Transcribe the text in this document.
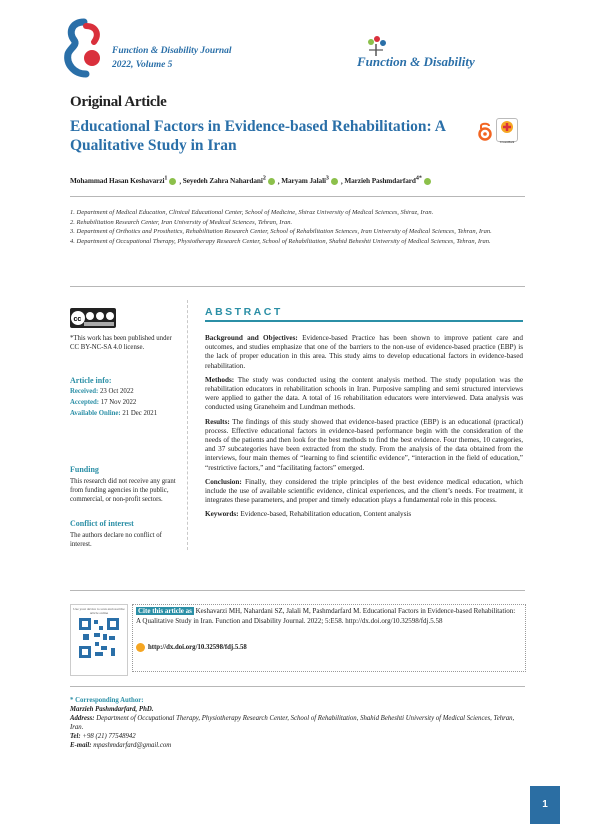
Function & Disability Journal
2022, Volume 5	Function & Disability
Original Article
Educational Factors in Evidence-based Rehabilitation: A Qualitative Study in Iran	CrossMark
Mohammad Hasan Keshavarzi$^1$ , Seyedeh Zahra Nahardani$^2$ , Maryam Jalali$^3$ , Marzieh Pashmdarfard$^{4*}$
1. Department of Medical Education, Clinical Educational Center, School of Medicine, Shiraz University of Medical Sciences, Shiraz, Iran.
2. Rehabilitation Research Center, Iran University of Medical Sciences, Tehran, Iran.
3. Department of Orthotics and Prosthetics, Rehabilitation Research Center, School of Rehabilitation Sciences, Iran University of Medical Sciences, Tehran, Iran.
4. Department of Occupational Therapy, Physiotherapy Research Center, School of Rehabilitation, Shahid Beheshti University of Medical Sciences, Tehran, Iran.
cc
*This work has been published under CC BY-NC-SA 4.0 license.
Article info:
Received: 23 Oct 2022
Accepted: 17 Nov 2022
Available Online: 21 Dec 2021
Funding
This research did not receive any grant from funding agencies in the public, commercial, or non-profit sectors.
Conflict of interest
The authors declare no conflict of interest.
ABSTRACT

Background and Objectives: Evidence-based Practice has been shown to improve patient care and outcomes, and studies emphasize that one of the barriers to the non-use of evidence-based practice (EBP) is the lack of proper education in this area. This study aims to develop educational factors in evidence-based rehabilitation.

Methods: The study was conducted using the content analysis method. The study population was the rehabilitation educators in rehabilitation schools in Iran. Purposive sampling and semi structured interviews were applied to gather the data. A total of 16 rehabilitation educators were interviewed. Data analysis was conducted using Graneheim and Lundman methods.

Results: The findings of this study showed that evidence-based practice (EBP) is an educational (practical) process. Effective educational factors in evidence-based performance begin with the consideration of the needs of the patients and then look for the best methods to find the best evidence. Four themes, 10 categories, and 37 subcategories have been extracted from the study. From the analysis of the data obtained from the interviews, four main themes of “learning to find scientific evidence”, “interaction in the field of education,” “restrictive factors,” and “facilitating factors” emerged.

Conclusion: Finally, they considered the triple principles of the best evidence medical education, which include the use of available scientific evidence, clinical experiences, and the client’s needs. For treatment, it integrates these parameters, and proper and timely education plays a fundamental role in this process.

Keywords: Evidence-based, Rehabilitation education, Content analysis

Use your device to scan and read the article online	Cite this article as Keshavarzi MH, Nahardani SZ, Jalali M, Pashmdarfard M. Educational Factors in Evidence-based Rehabilitation: A Qualitative Study in Iran. Function and Disability Journal. 2022; 5:E58. http://dx.doi.org/10.32598/fdj.5.58
http://dx.doi.org/10.32598/fdj.5.58
* Corresponding Author:
Marzieh Pashmdarfard, PhD.
Address: Department of Occupational Therapy, Physiotherapy Research Center, School of Rehabilitation, Shahid Beheshti University of Medical Sciences, Tehran, Iran.
Tel: +98 (21) 77548942
E-mail: mpashmdarfard@gmail.com
1
